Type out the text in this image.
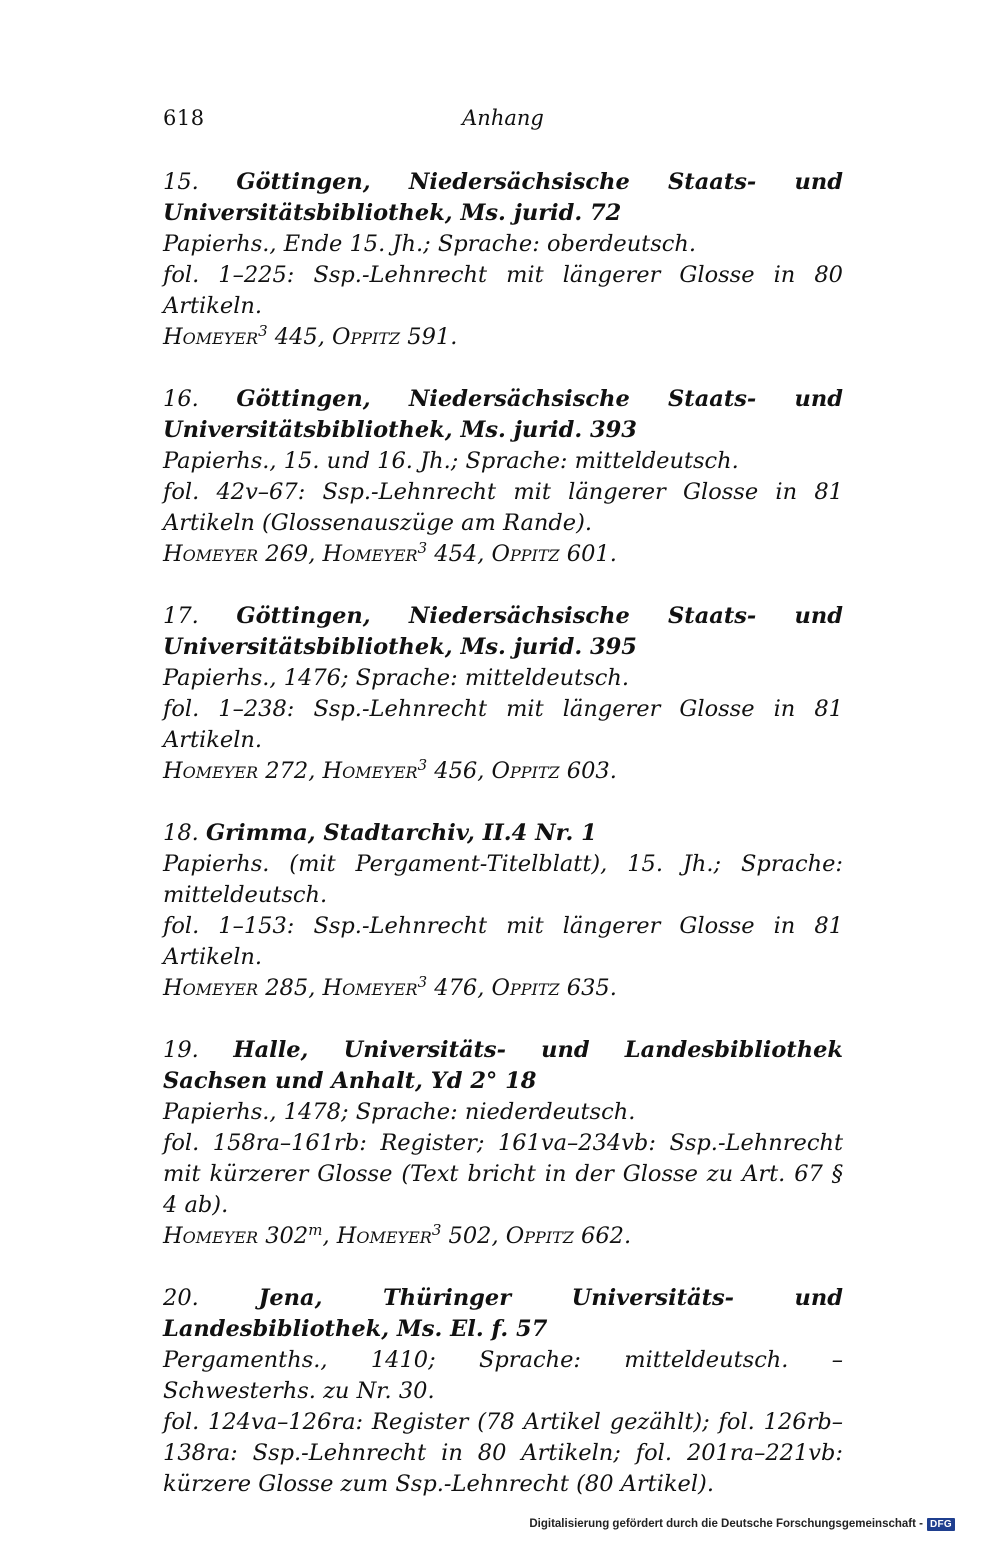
618	Anhang
15. Göttingen, Niedersächsische Staats- und Universitätsbibliothek, Ms. jurid. 72
Papierhs., Ende 15. Jh.; Sprache: oberdeutsch.
fol. 1–225: Ssp.-Lehnrecht mit längerer Glosse in 80 Artikeln.
Homeyer$^3$ 445, Oppitz 591.
16. Göttingen, Niedersächsische Staats- und Universitätsbibliothek, Ms. jurid. 393
Papierhs., 15. und 16. Jh.; Sprache: mitteldeutsch.
fol. 42v–67: Ssp.-Lehnrecht mit längerer Glosse in 81 Artikeln (Glossenauszüge am Rande).
Homeyer 269, Homeyer$^3$ 454, Oppitz 601.
17. Göttingen, Niedersächsische Staats- und Universitätsbibliothek, Ms. jurid. 395
Papierhs., 1476; Sprache: mitteldeutsch.
fol. 1–238: Ssp.-Lehnrecht mit längerer Glosse in 81 Artikeln.
Homeyer 272, Homeyer$^3$ 456, Oppitz 603.
18. Grimma, Stadtarchiv, II.4 Nr. 1
Papierhs. (mit Pergament-Titelblatt), 15. Jh.; Sprache: mitteldeutsch.
fol. 1–153: Ssp.-Lehnrecht mit längerer Glosse in 81 Artikeln.
Homeyer 285, Homeyer$^3$ 476, Oppitz 635.
19. Halle, Universitäts- und Landesbibliothek Sachsen und Anhalt, Yd 2° 18
Papierhs., 1478; Sprache: niederdeutsch.
fol. 158ra–161rb: Register; 161va–234vb: Ssp.-Lehnrecht mit kürzerer Glosse (Text bricht in der Glosse zu Art. 67 § 4 ab).
Homeyer 302$^m$, Homeyer$^3$ 502, Oppitz 662.
20.	Jena, Thüringer Universitäts- und Landesbibliothek, Ms. El. f. 57
Pergamenths., 1410; Sprache: mitteldeutsch. – Schwesterhs. zu Nr. 30.
fol. 124va–126ra: Register (78 Artikel gezählt); fol. 126rb–138ra: Ssp.-Lehnrecht in 80 Artikeln; fol. 201ra–221vb: kürzere Glosse zum Ssp.-Lehnrecht (80 Artikel).
Digitalisierung gefördert durch die Deutsche Forschungsgemeinschaft - DFG
